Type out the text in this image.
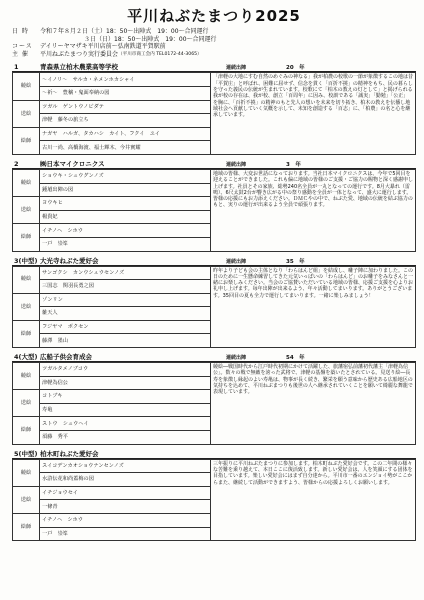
平川ねぶたまつり2025
日 時	令和７年８月２日（土）18：50～出陣式　19：00～合同運行
３日（日）18：50～出陣式　19：00～合同運行
コース	デイリーヤマザキ平川店前～弘南鉄道平賀駅前
主 催	平川ねぶたまつり実行委員会 （平川市商工会内 TEL0172-44-3065）
1	青森県立柏木農業高等学校	連続出陣	20　年
競絵	～イノリ～　サルカ・ネメンホカシャイ	「津軽の大地にすむ自然のめぐみの神なる」我が柏農の校歌の一節が象徴するこの地は昔「平賀庄」と呼ばれ、困難に屈せず、信念を貫く「百折不撓」の精神をもち、民の暮らしを守った義民の伝統が生まれています。校歌にて「柏木の教えの灯として」と掲げられる我が校の存在は、我が校、創立「百周年」に因み、校訓である「誠実」「勤勉」「公正」を胸に、「百折不撓」の精神のもと先人の想いを未来を切り拓き、柏木の教えを伝播し地域社会へ貢献していく気概を示して、未知を創造する「百志」に、「柏農」の名と心を継承しています。
	～祈～　豊穣・鬼面奉納の図	
送絵	ツガル　ゲントウノビダテ	
	津軽　藤冬の旅立ち	
絵師	ナガヤ　ハルガ、タカハシ　カイト、フクイ　ユイ	
	古川一尚、高橋海渡、福士輝木、今井實耀	
2	㈱日本マイクロニクス	連続出陣	3　年
競絵	ショウキ・シュウグンノズ	地域の皆様、大変お世話になっております。当社日本マイクロニクスは、今年で5回目を迎えることができました。これも偏に地域の皆様のご支援・ご協力の賜物と深く感謝申し上げます。社員とその家族、総勢240名全員が一丸となっての運行です。8月大暴れ（雷鳴）、6尺太鼓2台が響き広がる中の祭り感動を全員が一体となって、盛大に運行します。皆様の応援にもお力添えください。ＤＭＣやの中で、ねぶた愛、地域の伝統を結ぶ協力のもと、実りの運行が出来るよう全員で頑張ります。
	鍾馗出陣の図	
送絵	ヨウキヒ	
	楊貴妃	
絵師	イチノヘ　シホウ	
	一戸　崇峯	
3(中型) 大光寺ねぶた愛好会	連続出陣	35　年
競絵	サンゴクシ　カンウシュウセンノズ	昨年より子ども会の主体となり「わらはんど組」を結成し、囃子陣に加わりました。この日のために一生懸命練習してきた元気いっぱいの「わらはんど」のお囃子をみなさんと一緒にお楽しみください。当会のご協賛いただいている地域の皆様、応援ご支援を心よりお礼申し上げます。毎年出陣が出来るよう、年々活動してまいります。ありがとうございます。35回目の夏も全力で運行してまいります。一緒に楽しみましょう！
	三国志　関羽長勇之図	
送絵	ゾンリン	
	雑天人	
絵師	フジヤマ　ボクセン	
	藤澤　墨山	
4(大型) 広船子供会育成会	連続出陣	54　年
競絵	ツガルタメノブコウ	競絵―戦国時代から江戸時代初期にかけて活躍した、旅藩宿弘前藩初代藩主「津軽為信公」。数々の戦で無敵を誇った武将で、津軽の基盤を築いたとされている。見送り絵―長寿を象徴し縁起のよい寿亀は、物事が長く続き、繁栄を願う意味から歴史ある広船地区の気持ちを込めて、平川ねぶまつりも後世の人へ継承されていくことを願いて綺麗な舞龍で表現しています。
	津軽為信公	
送絵	コトブキ	
	寿亀	
絵師	ストウ　シュウヘイ	
	須藤　秀平	
5(中型) 柏木町ねぶた愛好会
競絵	スイコデンカオショウナンセンノズ	三年振りに平川ねぶたまつりに参加します。柏木町ねぶた愛好会です。この二年間の様々な苦難を乗り越えて、本日ここに復活致します。新しい愛好会は、人を笑顔にする団体を目指しています。楽しい愛好会にはまず自分達から。平川市一番のエンジョイ勢がここからまた、継続して活動ができますよう、皆様からの応援よろしくお願いします。
	水滸伝花和尚蓋梅の図	
送絵	イチジョウセイ	
	一條青	
絵師	イチノヘ　シホウ	
	一戸　崇峯	
